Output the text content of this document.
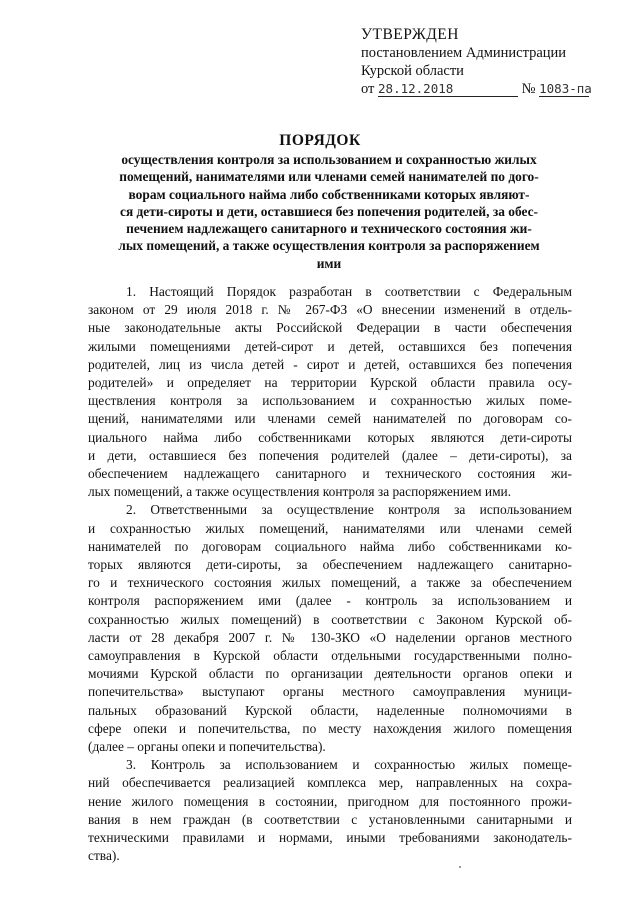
УТВЕРЖДЕН
постановлением Администрации
Курской области
от 28.12.2018	№ 1083-па
ПОРЯДОК
осуществления контроля за использованием и сохранностью жилых
помещений, нанимателями или членами семей нанимателей по дого-
ворам социального найма либо собственниками которых являют-
ся дети-сироты и дети, оставшиеся без попечения родителей, за обес-
печением надлежащего санитарного и технического состояния жи-
лых помещений, а также осуществления контроля за распоряжением
ими
1. Настоящий Порядок разработан в соответствии с Федеральным
законом от 29 июля 2018 г. № 267-ФЗ «О внесении изменений в отдель-
ные законодательные акты Российской Федерации в части обеспечения
жилыми помещениями детей-сирот и детей, оставшихся без попечения
родителей, лиц из числа детей - сирот и детей, оставшихся без попечения
родителей» и определяет на территории Курской области правила осу-
ществления контроля за использованием и сохранностью жилых поме-
щений, нанимателями или членами семей нанимателей по договорам со-
циального найма либо собственниками которых являются дети-сироты
и дети, оставшиеся без попечения родителей (далее – дети-сироты), за
обеспечением надлежащего санитарного и технического состояния жи-
лых помещений, а также осуществления контроля за распоряжением ими.
2. Ответственными за осуществление контроля за использованием
и сохранностью жилых помещений, нанимателями или членами семей
нанимателей по договорам социального найма либо собственниками ко-
торых являются дети-сироты, за обеспечением надлежащего санитарно-
го и технического состояния жилых помещений, а также за обеспечением
контроля распоряжением ими (далее - контроль за использованием и
сохранностью жилых помещений) в соответствии с Законом Курской об-
ласти от 28 декабря 2007 г. № 130-ЗКО «О наделении органов местного
самоуправления в Курской области отдельными государственными полно-
мочиями Курской области по организации деятельности органов опеки и
попечительства» выступают органы местного самоуправления муници-
пальных образований Курской области, наделенные полномочиями в
сфере опеки и попечительства, по месту нахождения жилого помещения
(далее – органы опеки и попечительства).
3. Контроль за использованием и сохранностью жилых помеще-
ний обеспечивается реализацией комплекса мер, направленных на сохра-
нение жилого помещения в состоянии, пригодном для постоянного прожи-
вания в нем граждан (в соответствии с установленными санитарными и
техническими правилами и нормами, иными требованиями законодатель-
ства).
